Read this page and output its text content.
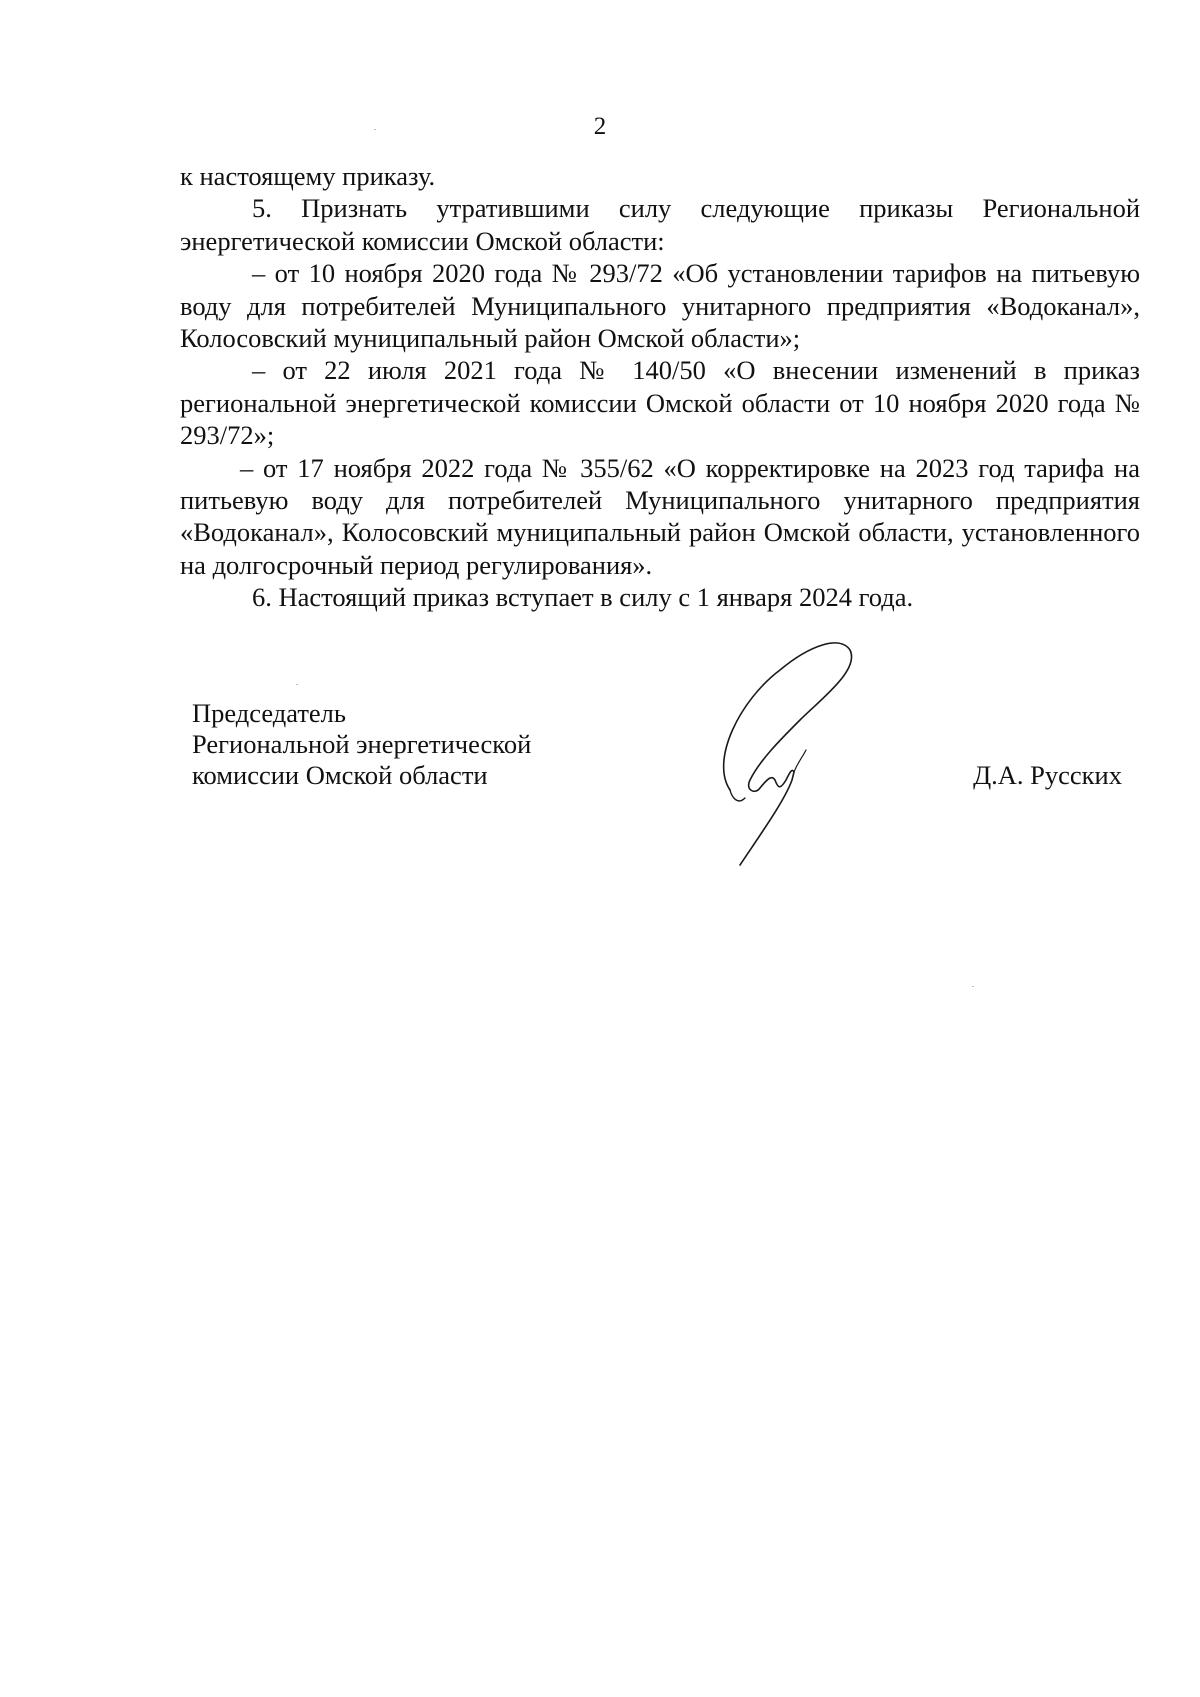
2

к настоящему приказу.

5. Признать утратившими силу следующие приказы Региональной энергетической комиссии Омской области:

– от 10 ноября 2020 года № 293/72 «Об установлении тарифов на питьевую воду для потребителей Муниципального унитарного предприятия «Водоканал», Колосовский муниципальный район Омской области»;

– от 22 июля 2021 года № 140/50 «О внесении изменений в приказ региональной энергетической комиссии Омской области от 10 ноября 2020 года № 293/72»;

– от 17 ноября 2022 года № 355/62 «О корректировке на 2023 год тарифа на питьевую воду для потребителей Муниципального унитарного предприятия «Водоканал», Колосовский муниципальный район Омской области, установленного на долгосрочный период регулирования».

6. Настоящий приказ вступает в силу с 1 января 2024 года.

Председатель
Региональной энергетической
комиссии Омской области	Д.А. Русских
